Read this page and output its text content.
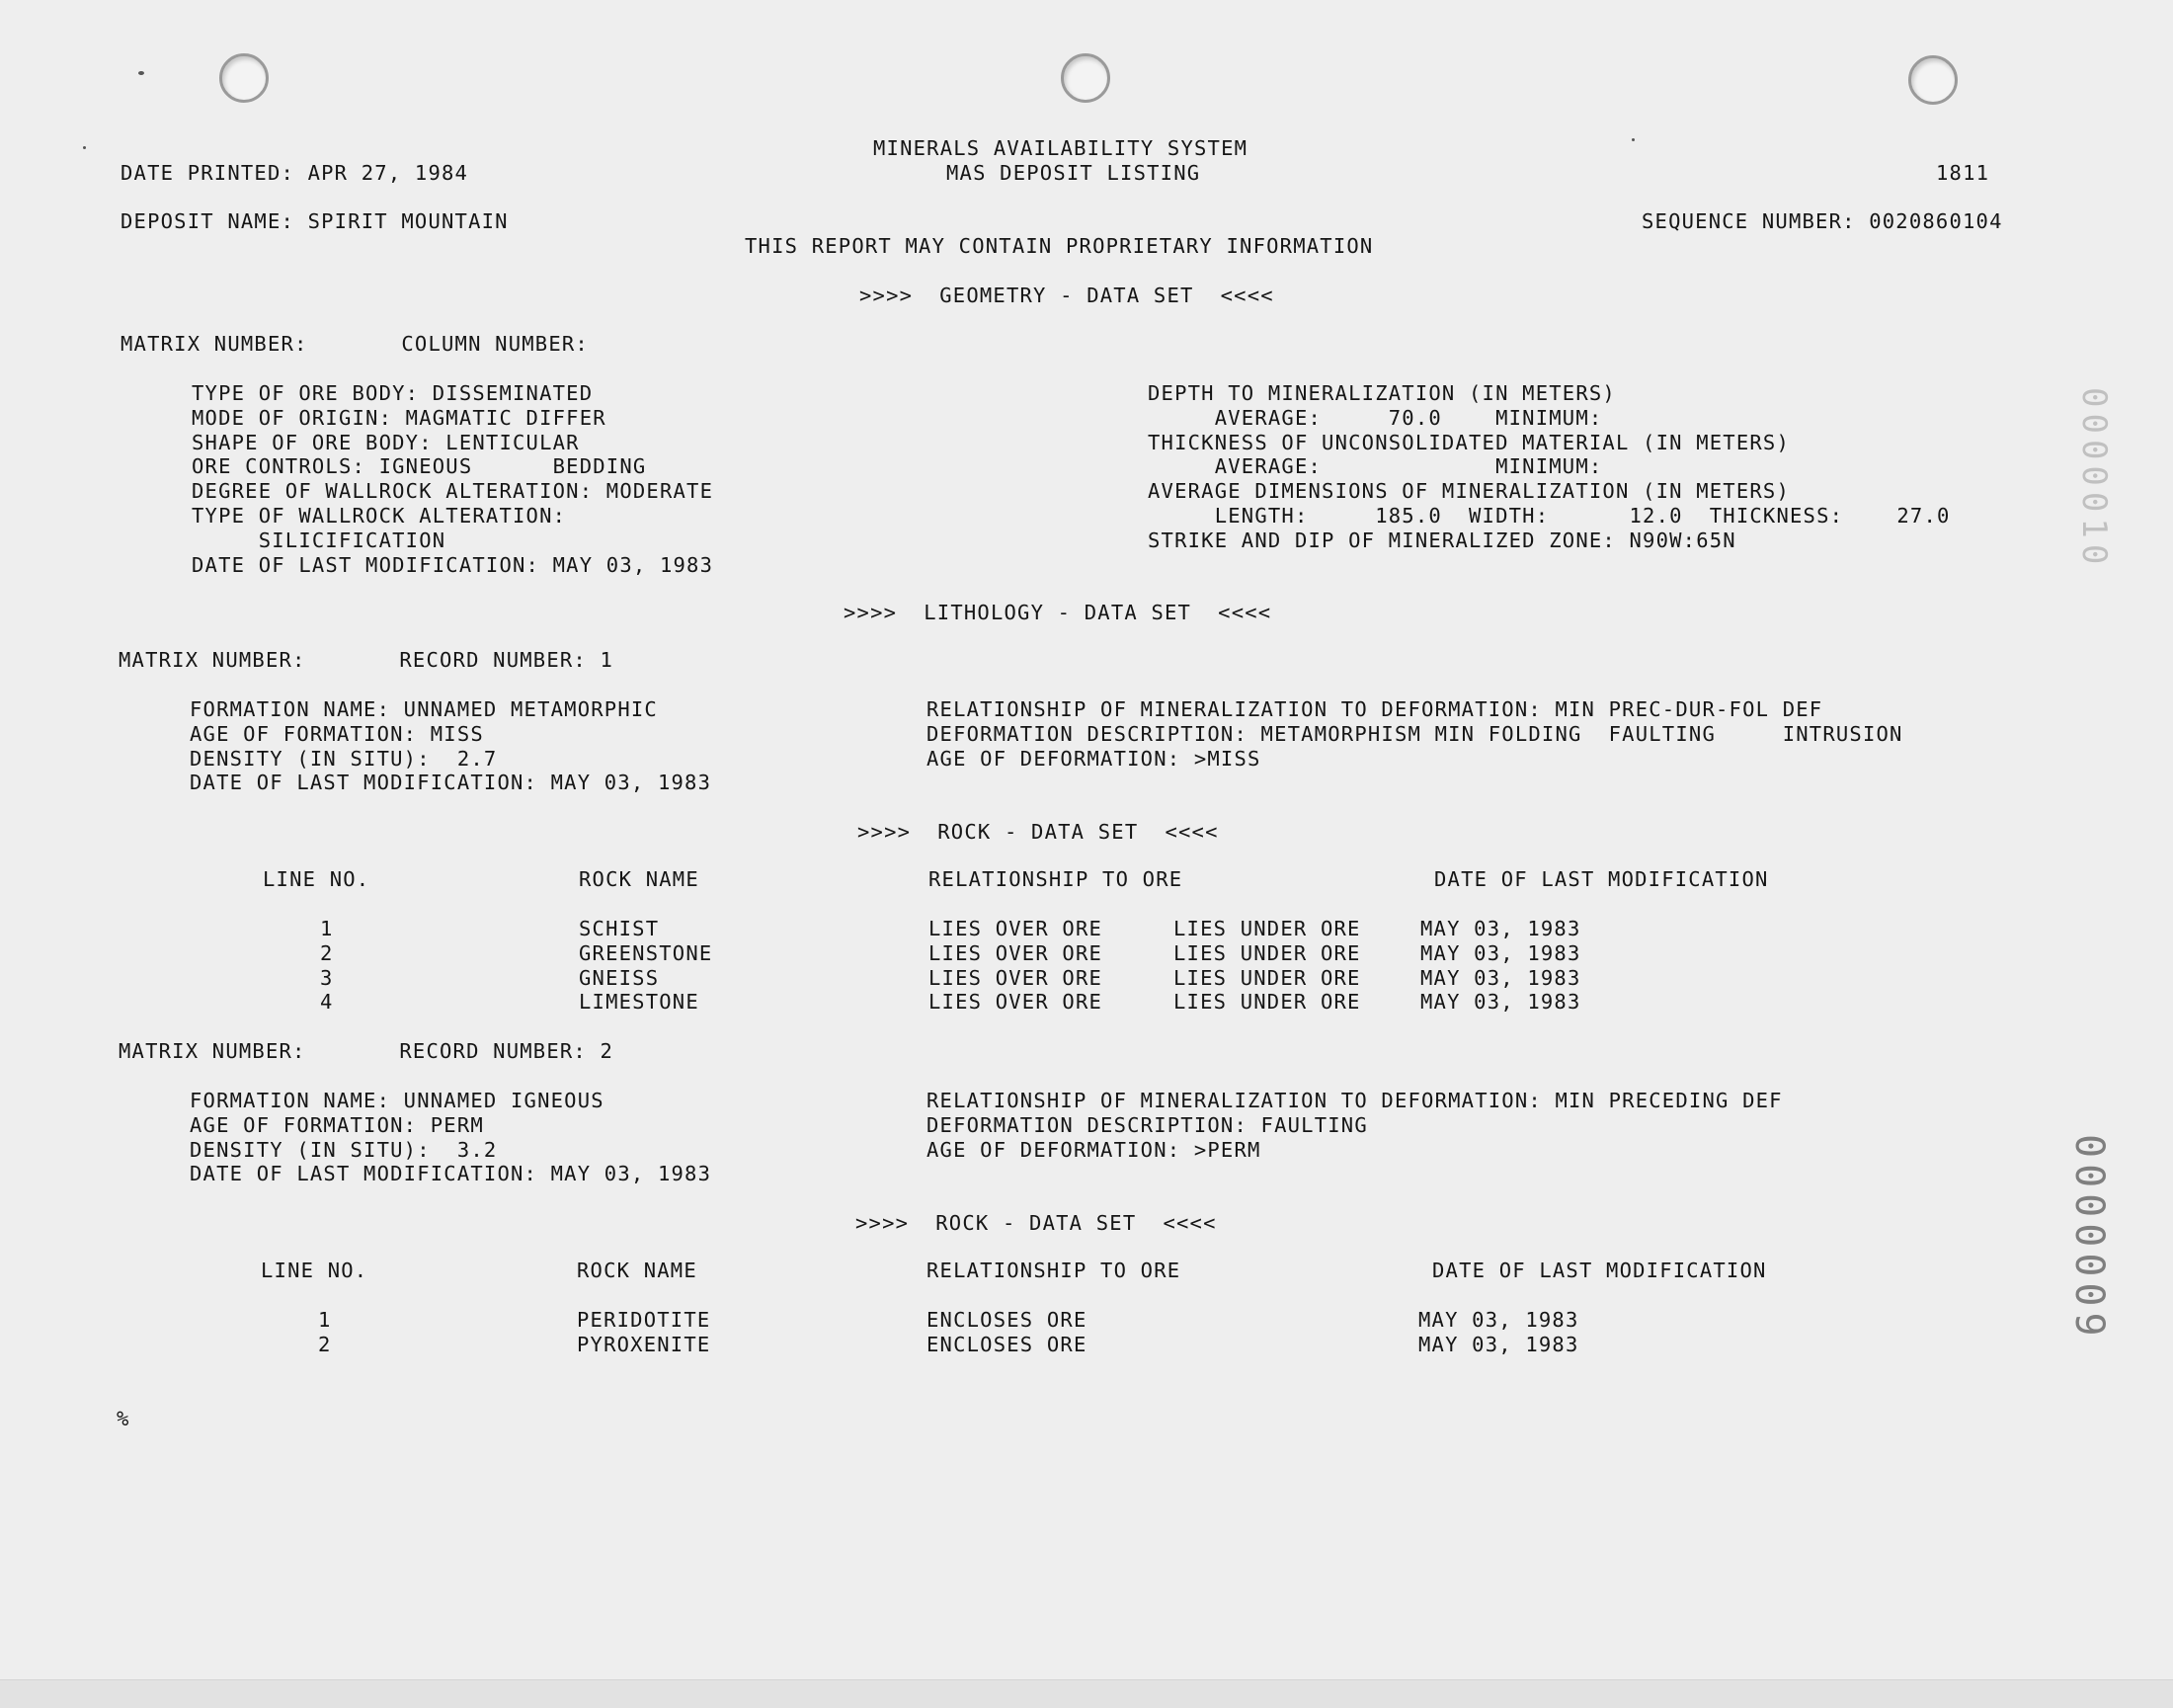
MINERALS AVAILABILITY SYSTEM
DATE PRINTED: APR 27, 1984	MAS DEPOSIT LISTING	1811
DEPOSIT NAME: SPIRIT MOUNTAIN	SEQUENCE NUMBER: 0020860104
THIS REPORT MAY CONTAIN PROPRIETARY INFORMATION
>>>>  GEOMETRY - DATA SET  <<<<
MATRIX NUMBER:       COLUMN NUMBER:
TYPE OF ORE BODY: DISSEMINATED
MODE OF ORIGIN: MAGMATIC DIFFER
SHAPE OF ORE BODY: LENTICULAR
ORE CONTROLS: IGNEOUS      BEDDING
DEGREE OF WALLROCK ALTERATION: MODERATE
TYPE OF WALLROCK ALTERATION:
SILICIFICATION
DATE OF LAST MODIFICATION: MAY 03, 1983
DEPTH TO MINERALIZATION (IN METERS)
AVERAGE:     70.0    MINIMUM:
THICKNESS OF UNCONSOLIDATED MATERIAL (IN METERS)
AVERAGE:             MINIMUM:
AVERAGE DIMENSIONS OF MINERALIZATION (IN METERS)
LENGTH:     185.0  WIDTH:      12.0  THICKNESS:    27.0
STRIKE AND DIP OF MINERALIZED ZONE: N90W:65N
>>>>  LITHOLOGY - DATA SET  <<<<
MATRIX NUMBER:       RECORD NUMBER: 1
FORMATION NAME: UNNAMED METAMORPHIC
AGE OF FORMATION: MISS
DENSITY (IN SITU):  2.7
DATE OF LAST MODIFICATION: MAY 03, 1983
RELATIONSHIP OF MINERALIZATION TO DEFORMATION: MIN PREC-DUR-FOL DEF
DEFORMATION DESCRIPTION: METAMORPHISM MIN FOLDING  FAULTING     INTRUSION
AGE OF DEFORMATION: >MISS
>>>>  ROCK - DATA SET  <<<<
LINE NO.	ROCK NAME	RELATIONSHIP TO ORE	DATE OF LAST MODIFICATION
1	SCHIST	LIES OVER ORE	LIES UNDER ORE	MAY 03, 1983
2	GREENSTONE	LIES OVER ORE	LIES UNDER ORE	MAY 03, 1983
3	GNEISS	LIES OVER ORE	LIES UNDER ORE	MAY 03, 1983
4	LIMESTONE	LIES OVER ORE	LIES UNDER ORE	MAY 03, 1983
MATRIX NUMBER:       RECORD NUMBER: 2
FORMATION NAME: UNNAMED IGNEOUS
AGE OF FORMATION: PERM
DENSITY (IN SITU):  3.2
DATE OF LAST MODIFICATION: MAY 03, 1983
RELATIONSHIP OF MINERALIZATION TO DEFORMATION: MIN PRECEDING DEF
DEFORMATION DESCRIPTION: FAULTING
AGE OF DEFORMATION: >PERM
>>>>  ROCK - DATA SET  <<<<
LINE NO.	ROCK NAME	RELATIONSHIP TO ORE	DATE OF LAST MODIFICATION
1	PERIDOTITE	ENCLOSES ORE	MAY 03, 1983
2	PYROXENITE	ENCLOSES ORE	MAY 03, 1983
%
0000010
0000009
